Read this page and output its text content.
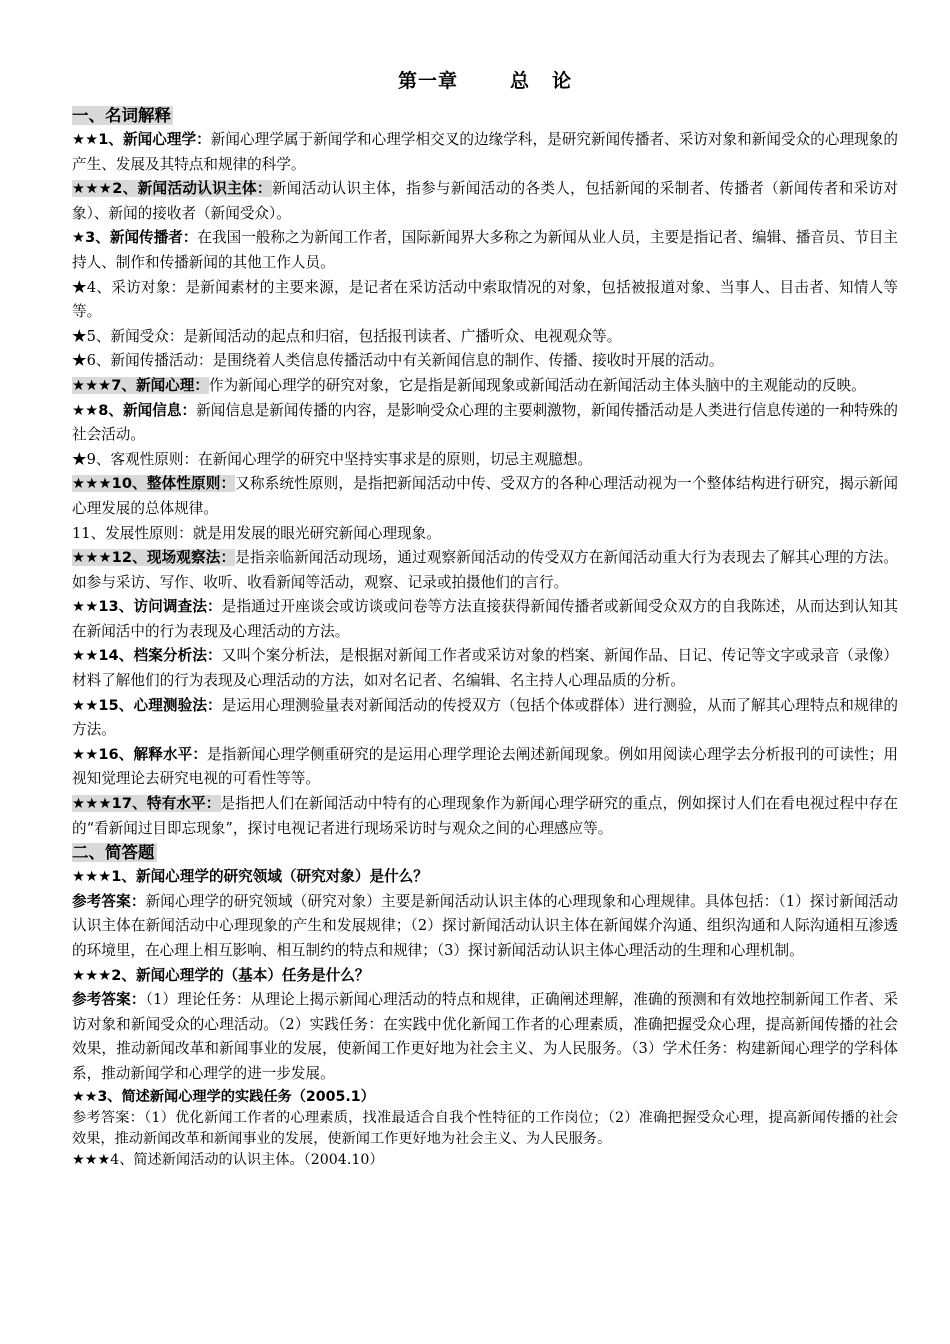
第一章	总 论
一、名词解释

★★1、新闻心理学：新闻心理学属于新闻学和心理学相交叉的边缘学科，是研究新闻传播者、采访对象和新闻受众的心理现象的产生、发展及其特点和规律的科学。

★★★2、新闻活动认识主体：新闻活动认识主体，指参与新闻活动的各类人，包括新闻的采制者、传播者（新闻传者和采访对象）、新闻的接收者（新闻受众）。

★3、新闻传播者：在我国一般称之为新闻工作者，国际新闻界大多称之为新闻从业人员，主要是指记者、编辑、播音员、节目主持人、制作和传播新闻的其他工作人员。

★4、采访对象：是新闻素材的主要来源，是记者在采访活动中索取情况的对象，包括被报道对象、当事人、目击者、知情人等等。

★5、新闻受众：是新闻活动的起点和归宿，包括报刊读者、广播听众、电视观众等。

★6、新闻传播活动：是围绕着人类信息传播活动中有关新闻信息的制作、传播、接收时开展的活动。

★★★7、新闻心理：作为新闻心理学的研究对象，它是指是新闻现象或新闻活动在新闻活动主体头脑中的主观能动的反映。

★★8、新闻信息：新闻信息是新闻传播的内容，是影响受众心理的主要刺激物，新闻传播活动是人类进行信息传递的一种特殊的社会活动。

★9、客观性原则：在新闻心理学的研究中坚持实事求是的原则，切忌主观臆想。

★★★10、整体性原则：又称系统性原则，是指把新闻活动中传、受双方的各种心理活动视为一个整体结构进行研究，揭示新闻心理发展的总体规律。

11、发展性原则：就是用发展的眼光研究新闻心理现象。

★★★12、现场观察法：是指亲临新闻活动现场，通过观察新闻活动的传受双方在新闻活动重大行为表现去了解其心理的方法。如参与采访、写作、收听、收看新闻等活动，观察、记录或拍摄他们的言行。

★★13、访问调查法：是指通过开座谈会或访谈或问卷等方法直接获得新闻传播者或新闻受众双方的自我陈述，从而达到认知其在新闻活中的行为表现及心理活动的方法。

★★14、档案分析法：又叫个案分析法，是根据对新闻工作者或采访对象的档案、新闻作品、日记、传记等文字或录音（录像）材料了解他们的行为表现及心理活动的方法，如对名记者、名编辑、名主持人心理品质的分析。

★★15、心理测验法：是运用心理测验量表对新闻活动的传授双方（包括个体或群体）进行测验，从而了解其心理特点和规律的方法。

★★16、解释水平：是指新闻心理学侧重研究的是运用心理学理论去阐述新闻现象。例如用阅读心理学去分析报刊的可读性；用视知觉理论去研究电视的可看性等等。

★★★17、特有水平：是指把人们在新闻活动中特有的心理现象作为新闻心理学研究的重点，例如探讨人们在看电视过程中存在的“看新闻过目即忘现象”，探讨电视记者进行现场采访时与观众之间的心理感应等。

二、简答题

★★★1、新闻心理学的研究领域（研究对象）是什么？

参考答案：新闻心理学的研究领域（研究对象）主要是新闻活动认识主体的心理现象和心理规律。具体包括：（1）探讨新闻活动认识主体在新闻活动中心理现象的产生和发展规律；（2）探讨新闻活动认识主体在新闻媒介沟通、组织沟通和人际沟通相互渗透的环境里，在心理上相互影响、相互制约的特点和规律；（3）探讨新闻活动认识主体心理活动的生理和心理机制。

★★★2、新闻心理学的（基本）任务是什么？

参考答案：（1）理论任务：从理论上揭示新闻心理活动的特点和规律，正确阐述理解，准确的预测和有效地控制新闻工作者、采访对象和新闻受众的心理活动。（2）实践任务：在实践中优化新闻工作者的心理素质，准确把握受众心理，提高新闻传播的社会效果，推动新闻改革和新闻事业的发展，使新闻工作更好地为社会主义、为人民服务。（3）学术任务：构建新闻心理学的学科体系，推动新闻学和心理学的进一步发展。

★★3、简述新闻心理学的实践任务（2005.1）

参考答案：（1）优化新闻工作者的心理素质，找准最适合自我个性特征的工作岗位；（2）准确把握受众心理，提高新闻传播的社会效果，推动新闻改革和新闻事业的发展，使新闻工作更好地为社会主义、为人民服务。

★★★4、简述新闻活动的认识主体。（2004.10）
